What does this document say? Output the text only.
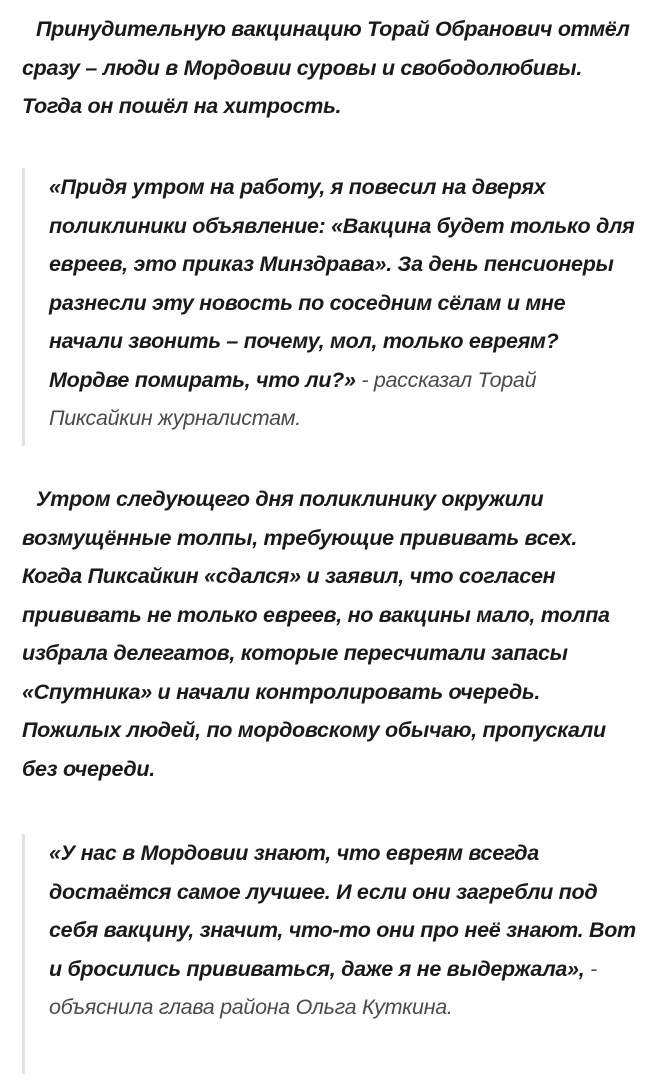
Принудительную вакцинацию Торай Обранович отмёл сразу – люди в Мордовии суровы и свободолюбивы. Тогда он пошёл на хитрость.

«Придя утром на работу, я повесил на дверях поликлиники объявление: «Вакцина будет только для евреев, это приказ Минздрава». За день пенсионеры разнесли эту новость по соседним сёлам и мне начали звонить – почему, мол, только евреям? Мордве помирать, что ли?» - рассказал Торай Пиксайкин журналистам.

Утром следующего дня поликлинику окружили возмущённые толпы, требующие прививать всех. Когда Пиксайкин «сдался» и заявил, что согласен прививать не только евреев, но вакцины мало, толпа избрала делегатов, которые пересчитали запасы «Спутника» и начали контролировать очередь. Пожилых людей, по мордовскому обычаю, пропускали без очереди.

«У нас в Мордовии знают, что евреям всегда достаётся самое лучшее. И если они загребли под себя вакцину, значит, что-то они про неё знают. Вот и бросились прививаться, даже я не выдержала», - объяснила глава района Ольга Куткина.
